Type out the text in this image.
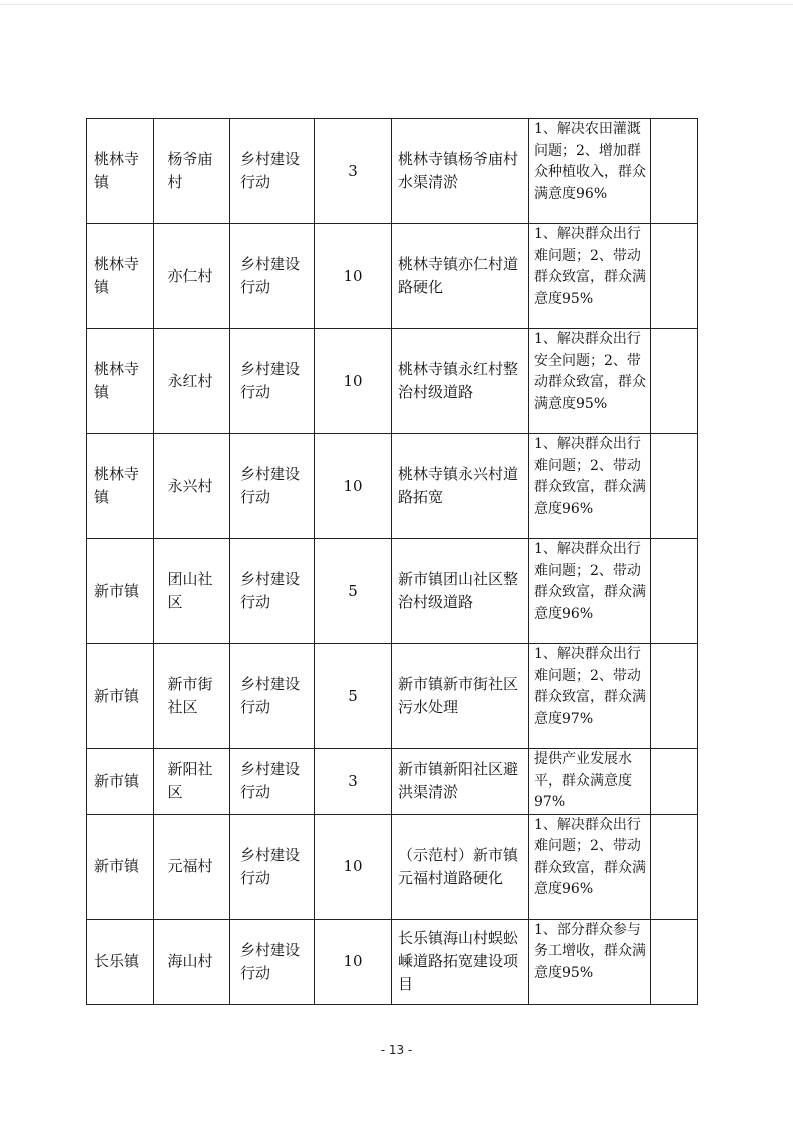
桃林寺镇	杨爷庙村	乡村建设行动	3	桃林寺镇杨爷庙村水渠清淤	1、解决农田灌溉问题；2、增加群众种植收入，群众满意度96%	
桃林寺镇	亦仁村	乡村建设行动	10	桃林寺镇亦仁村道路硬化	1、解决群众出行难问题；2、带动群众致富，群众满意度95%	
桃林寺镇	永红村	乡村建设行动	10	桃林寺镇永红村整治村级道路	1、解决群众出行安全问题；2、带动群众致富，群众满意度95%	
桃林寺镇	永兴村	乡村建设行动	10	桃林寺镇永兴村道路拓宽	1、解决群众出行难问题；2、带动群众致富，群众满意度96%	
新市镇	团山社区	乡村建设行动	5	新市镇团山社区整治村级道路	1、解决群众出行难问题；2、带动群众致富，群众满意度96%	
新市镇	新市街社区	乡村建设行动	5	新市镇新市街社区污水处理	1、解决群众出行难问题；2、带动群众致富，群众满意度97%	
新市镇	新阳社区	乡村建设行动	3	新市镇新阳社区避洪渠清淤	提供产业发展水平，群众满意度97%	
新市镇	元福村	乡村建设行动	10	（示范村）新市镇元福村道路硬化	1、解决群众出行难问题；2、带动群众致富，群众满意度96%	
长乐镇	海山村	乡村建设行动	10	长乐镇海山村蜈蚣嵊道路拓宽建设项目	1、部分群众参与务工增收，群众满意度95%	
- 13 -
